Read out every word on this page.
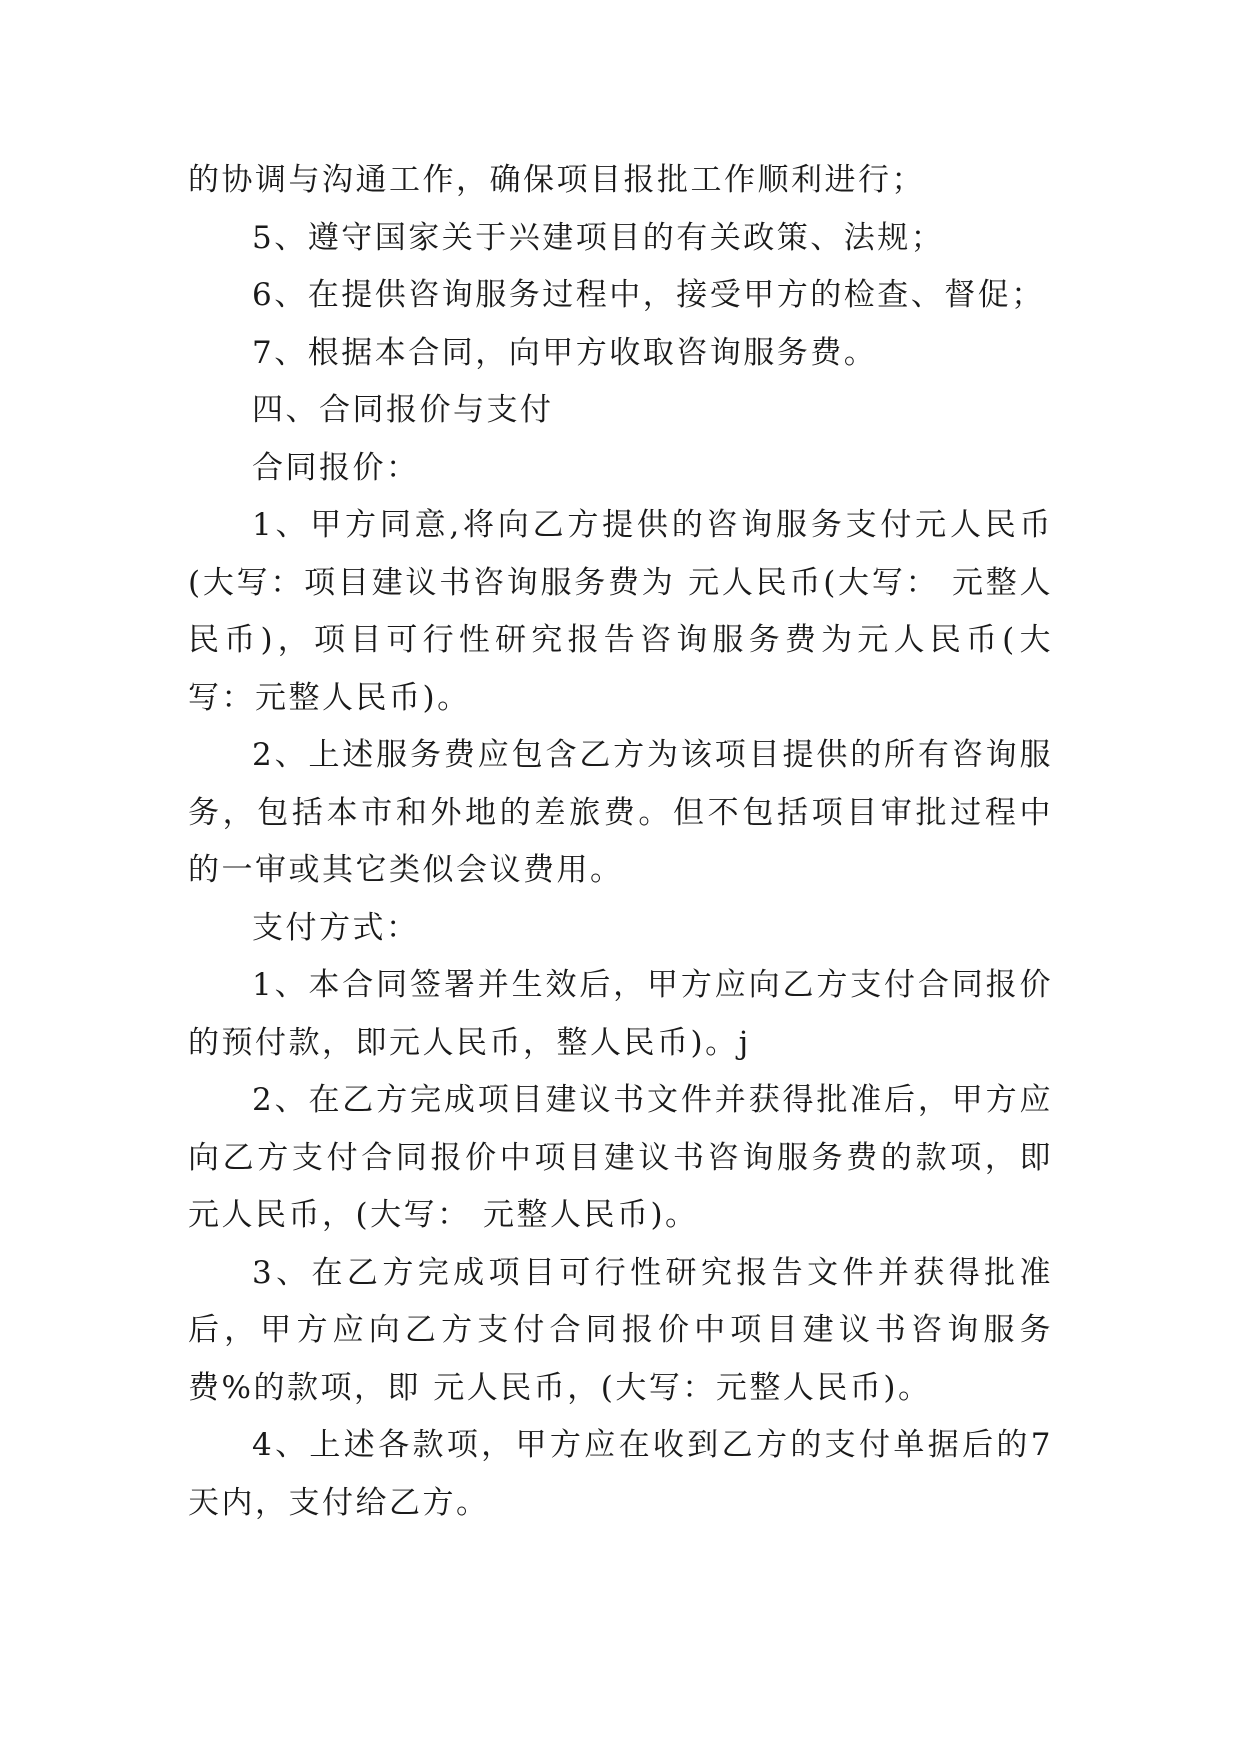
的协调与沟通工作，确保项目报批工作顺利进行；

5、遵守国家关于兴建项目的有关政策、法规；

6、在提供咨询服务过程中，接受甲方的检查、督促；

7、根据本合同，向甲方收取咨询服务费。

四、合同报价与支付

合同报价：

1、甲方同意,将向乙方提供的咨询服务支付元人民币(大写：项目建议书咨询服务费为 元人民币(大写： 元整人民币)，项目可行性研究报告咨询服务费为元人民币(大写：元整人民币)。

2、上述服务费应包含乙方为该项目提供的所有咨询服务，包括本市和外地的差旅费。但不包括项目审批过程中的一审或其它类似会议费用。

支付方式：

1、本合同签署并生效后，甲方应向乙方支付合同报价的预付款，即元人民币，整人民币)。j

2、在乙方完成项目建议书文件并获得批准后，甲方应向乙方支付合同报价中项目建议书咨询服务费的款项，即元人民币，(大写： 元整人民币)。

3、在乙方完成项目可行性研究报告文件并获得批准后，甲方应向乙方支付合同报价中项目建议书咨询服务费%的款项，即 元人民币，(大写：元整人民币)。

4、上述各款项，甲方应在收到乙方的支付单据后的7天内，支付给乙方。
